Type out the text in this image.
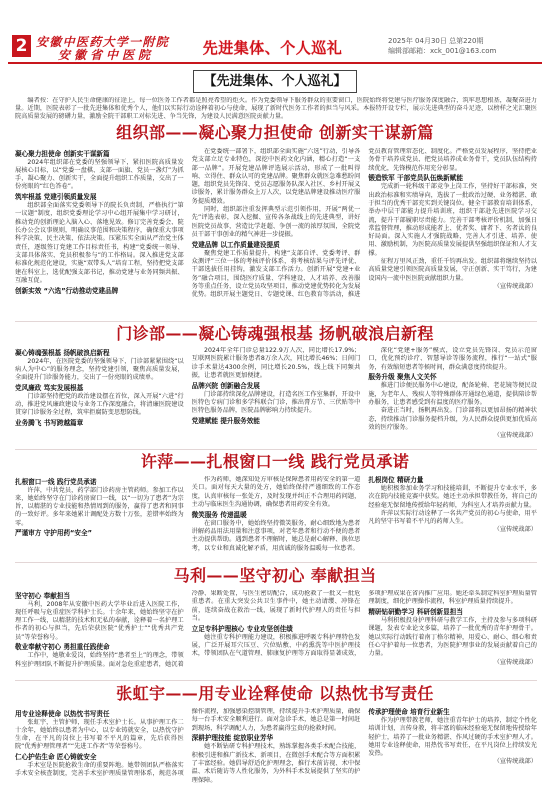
2 安徽中医药大学一附院
安徽省中医院	先进集体、个人巡礼	2025年 04月30日 总第220期
编辑部邮箱：xck_001@163.com
【先进集体、个人巡礼】
编者按：在守护人民生命健康的征途上，每一位医务工作者都是照亮希望的炬火。作为党委领导下服务群众的重要窗口，医院始终将党建与医疗服务深度融合，筑牢思想根基，凝聚奋进力量。近期，医院表彰了一批先进集体和优秀个人，他们以实际行动诠释着初心与使命，展现了新时代医务工作者的担当与风采。本报特开设专栏，展示先进典型的奋斗足迹，以榜样之光汇聚医院高质量发展的磅礴力量，激励全院干部职工对标先进、争当先锋，为建设人民满意医院贡献力量。
组织部——凝心聚力担使命 创新实干谋新篇

凝心聚力担使命 创新实干谋新篇

2024年组织部在党委的坚强领导下，紧扣医院高质量发展核心目标，以“党委一盘棋、支部一面旗、党员一盏灯”为抓手，凝心聚力、创新实干，全面提升组织工作质量，交出了一份亮眼的“红色答卷”。

筑牢根基 党建引领质量发展

组织部全面落实党委领导下的院长负责制，严格执行“第一议题”制度，组织党委理论学习中心组开展集中学习研讨，推动党的创新理论入脑入心、落地见效。修订完善党委会、院长办公会议事规则，明确议事范围和决策程序，确保重大事项科学决策、民主决策、依法决策。压紧压实全面从严治党主体责任，逐级签订党建工作目标责任书，构建“党委统一领导、支部具体落实、党员积极参与”的工作格局。深入推进党支部标准化规范化建设，实施“双带头人”培育工程，坚持把党支部建在科室上，选优配强支部书记，推动党建与业务同频共振、互融互促。

创新实效 “六选”行动推动党建品牌

在党委统一部署下，组织部全面实施“六选”行动，引导各党支部立足专业特色，深挖中医药文化内涵，精心打造“一支部一品牌”。开展党建品牌评选展示活动，形成了一批叫得响、立得住、群众认可的党建品牌。聚焦群众就医急难愁盼问题，组织党员先锋岗、党员志愿服务队深入社区、乡村开展义诊服务，累计服务群众上万人次，以党建品牌建设推动医疗服务提质增效。

同时，组织部注重发挥典型示范引领作用，开展“两优一先”评选表彰，深入挖掘、宣传各条战线上的先进典型，讲好医院党员故事，营造比学赶超、争创一流的浓厚氛围，全院党员干部干事创业的精气神进一步提振。

党建品牌 以工作质量建设提质

聚焦党建工作质量提升，构建“支部自评、党委考评、群众测评”三位一体的考核评价体系，将考核结果与评先评优、干部选拔任用挂钩，激发支部工作活力。创新开展“党建+业务”融合项目，围绕医疗质量、学科建设、人才培养、改善服务等重点任务，设立党员攻坚项目，推动党建优势转化为发展优势。组织开展主题党日、专题党课、红色教育等活动，推进党员教育管理常态化、制度化。严格党员发展程序，坚持把业务骨干培养成党员、把党员培养成业务骨干，党员队伍结构持续优化，先锋模范作用充分彰显。

锻造铁军 干部党员队伍焕新赋能

完成新一轮科级干部竞争上岗工作，坚持好干部标准，突出政治标准和实绩导向，选拔了一批政治过硬、业务精湛、敢于担当的优秀干部充实到关键岗位。健全干部教育培训体系，举办中层干部能力提升培训班，组织干部赴先进医院学习交流，提升干部履职尽责能力。完善干部考核评价机制，加强日常监督管理，推动形成能者上、优者奖、庸者下、劣者汰的良好局面。深入实施人才强院战略，完善人才引进、培养、使用、激励机制，为医院高质量发展提供坚强组织保证和人才支撑。

征程万里风正劲，重任千钧再出发。组织部将继续坚持以高质量党建引领医院高质量发展，守正创新、实干笃行，为建设国内一流中医医院贡献组织力量。

（宣传统战部）

门诊部——凝心铸魂强根基 扬帆破浪启新程

凝心铸魂强根基 扬帆破浪启新程

2024年，在医院党委的坚强领导下，门诊部紧紧围绕“以病人为中心”的服务理念，坚持党建引领，聚焦高质量发展，全面提升门诊服务能力，交出了一份亮眼的成绩单。

党风廉政 笃实发展根基

门诊部坚持把党的政治建设摆在首位，深入开展“六进”行动，推进党风廉政建设与业务工作深度融合，将清廉医院建设贯穿门诊服务全过程，筑牢拒腐防变思想防线。

业务腾飞 书写跨越篇章

2024年全年门诊总量122.9万人次，同比增长17.9%；互联网医院累计服务患者8万余人次，同比增长46%；日间门诊手术量达4300余例，同比增长20.5%，线上线下同频共振，让患者就医更加便捷。

品牌兴院 创新融合发展

门诊部持续深化品牌建设，打造名医工作室集群，开设中医特色专病门诊和多学科联合门诊，推出膏方节、三伏贴等中医特色服务品牌，医院品牌影响力持续提升。

党建赋能 提升服务效能

深化“党建+服务”模式，设立党员先锋岗、党员示范窗口，优化预约诊疗、智慧导诊等服务流程，推行“一站式”服务，有效缩短患者等候时间，群众满意度持续提升。

服务升级 聚焦人文关怀

推进门诊便民服务中心建设，配备轮椅、老花镜等便民设施，为老年人、残疾人等特殊群体开通绿色通道，提供陪诊帮办服务，让患者感受到有温度的医疗服务。

奋进正当时，扬帆再出发。门诊部将以更加昂扬的精神状态，持续推动门诊服务提档升级，为人民群众提供更加优质高效的医疗服务。

（宣传统战部）

许萍——扎根窗口一线 践行党员承诺

扎根窗口一线 践行党员承诺

许萍，中共党员，药学部门诊药房主管药师。参加工作以来，她始终坚守在门诊药房窗口一线，以“一切为了患者”为宗旨，以精湛的专业技能和热情周到的服务，赢得了患者和同事的一致好评。多年来她累计调配处方数十万张，差错率始终为零。

严谨审方 守护用药“安全”

作为药师，她深知处方审核是保障患者用药安全的第一道关口。面对每天大量的处方，她始终保持严谨细致的工作态度，认真审核每一张处方，及时发现并纠正不合理用药问题，主动与临床医生沟通协调，确保患者用药安全有效。

微笑服务 传递温暖

在窗口服务中，她始终坚持微笑服务，耐心细致地为患者讲解药品用法用量和注意事项，对老年患者和行动不便的患者主动提供帮助。遇到患者不理解时，她总是耐心解释、换位思考，以专业和真诚化解矛盾，用真诚的服务温暖每一位患者。

扎根岗位 精研力量

她积极参加业务学习和技能培训，不断提升专业水平，多次在院内技能竞赛中获奖。她还主动承担带教任务，将自己的经验毫无保留地传授给年轻药师，为科室人才培养贡献力量。

许萍以实际行动诠释了一名共产党员的初心与使命，用平凡的坚守书写着不平凡的药师人生。

（宣传统战部）

马利——坚守初心 奉献担当

坚守初心 奉献担当

马利，2008年从安徽中医药大学毕业后进入医院工作，现任呼吸与危重症医学科护士长。十余年来，她始终坚守在护理工作一线，以精湛的技术和无私的奉献，诠释着一名护理工作者的初心与担当，先后荣获医院“优秀护士”“优秀共产党员”等荣誉称号。

敬业奉献守初心 勇担重任践使命

工作中，她敬业爱岗，始终坚持“患者至上”的理念，带领科室护理团队不断提升护理质量。面对急危重症患者，她沉着冷静、果断处置，与医生密切配合，成功抢救了一批又一批危重患者。在重大突发公共卫生事件中，她主动请缨、冲锋在前，连续奋战在救治一线，展现了新时代护理人的责任与担当。

立足专科护理核心 专业攻坚创佳绩

她注重专科护理能力建设，积极推进呼吸专科护理特色发展，广泛开展耳穴压豆、穴位贴敷、中药熏洗等中医护理技术，带领团队在气道管理、肺康复护理等方面取得显著成效，多项护理成果在省内推广应用。她还牵头制定科室护理质量管理制度，细化护理操作流程，科室护理质量持续提升。

精研钻研勤学习 科研创新显担当

马利积极投身护理科研与教学工作，主持及参与多项科研课题，发表专业论文多篇，培养了一批优秀的青年护理骨干。她以实际行动践行着南丁格尔精神，用爱心、耐心、细心和责任心守护着每一位患者，为医院护理事业的发展贡献着自己的力量。

（宣传统战部）

张虹宇——用专业诠释使命 以热忱书写责任

用专业诠释使命 以热忱书写责任

张虹宇，主管护师，现任手术室护士长。从事护理工作二十余年，她始终以患者为中心，以专业铸就安全，以热忱守护生命，在平凡的岗位上书写着不平凡的篇章，先后获得医院“优秀护理管理者”“先进工作者”等荣誉称号。

仁心护佑生命 匠心铸就安全

手术室是医院抢救生命的重要阵地。她带领团队严格落实手术安全核查制度，完善手术室护理质量管理体系，规范各项操作流程，加强感染控制管理，持续提升手术护理质量，确保每一台手术安全顺利进行。面对急诊手术，她总是第一时间赶到现场，科学调配人力，为患者赢得宝贵的抢救时间。

深耕护理技能 绽放职业芳华

她不断钻研专科护理技术，熟练掌握各类手术配合技能，积极引进和推广新技术、新项目，在微创手术配合等方面积累了丰富经验。她倡导舒适化护理理念，推行术前访视、术中保温、术后随访等人性化服务，为外科手术发展提供了坚实的护理保障。

传承护理使命 培育行业新生

作为护理带教老师，她注重青年护士的培养，制定个性化培训计划，言传身教，将丰富的临床经验毫无保留地传授给年轻护士，培养了一批业务精湛、作风过硬的手术室护理人才。她用专业诠释使命，用热忱书写责任，在平凡岗位上持续发光发热。

（宣传统战部）
